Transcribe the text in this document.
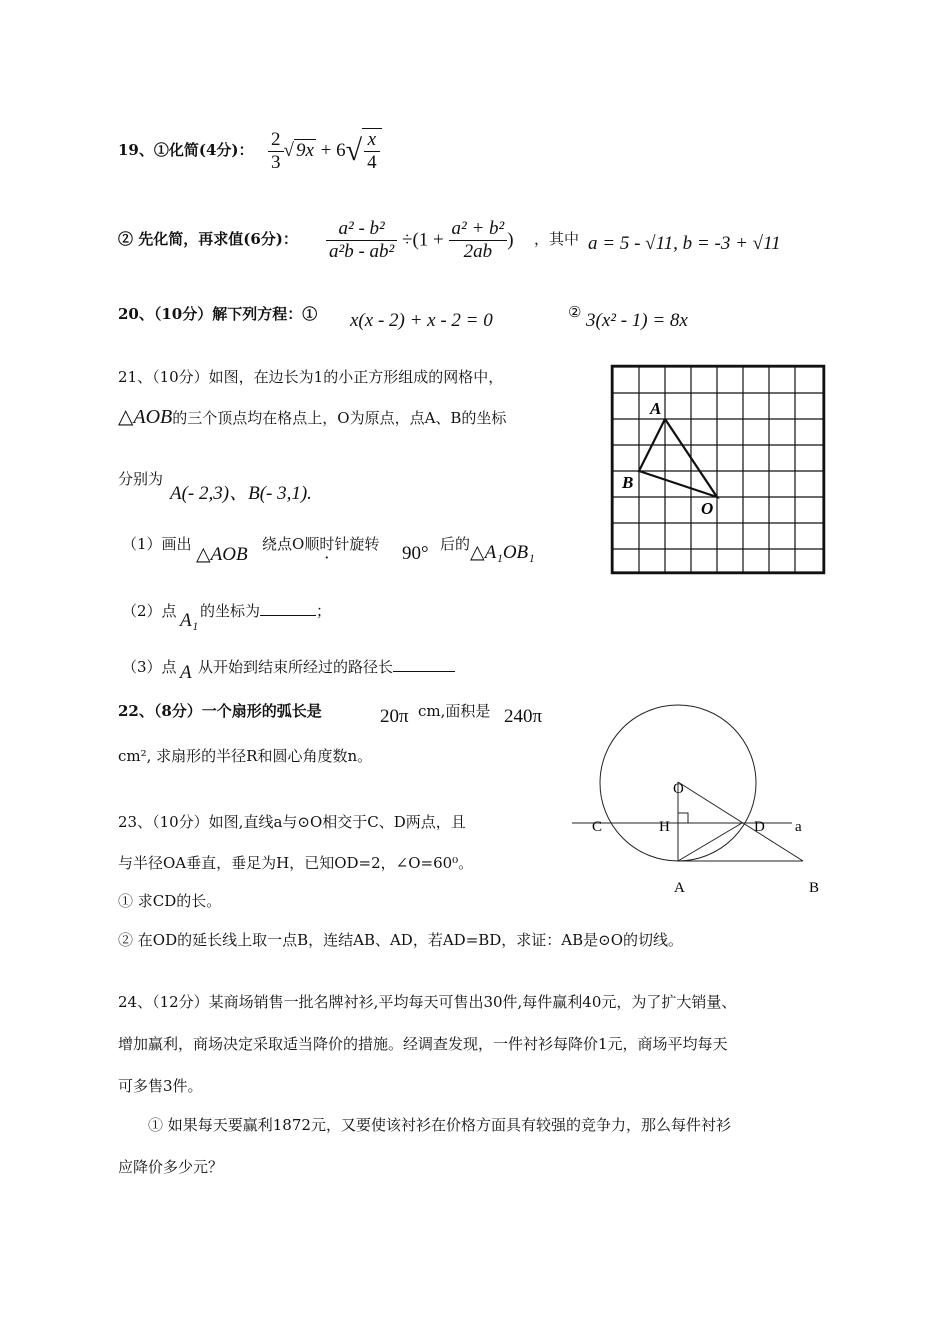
19、①化简(4分)： $\frac{2}{3}$ √ $9x + 6√ \frac{x}{4}$
② 先化简，再求值(6分)： $\frac{\text{a² - b²}}{\text{a²b - ab²}} \div(1 + \frac{\text{a² + b²}}{2ab}$ ) ，其中 a = 5 - √11, b = -3 + √11
20、（10分）解下列方程：① x(x - 2) + x - 2 = 0	② 3(x² - 1) = 8x
21、（10分）如图，在边长为1的小正方形组成的网格中，
△AOB的三个顶点均在格点上，O为原点，点A、B的坐标
分别为
A(- 2,3)、B(- 3,1).
（1）画出 △AOB 绕点O顺时针旋转 90° 后的 △A₁OB₁
（2）点 A₁ 的坐标为	；
（3）点 A 从开始到结束所经过的路径长
A
B
O
22、（8分）一个扇形的弧长是	20π cm,面积是 240π
cm², 求扇形的半径R和圆心角度数n。
23、（10分）如图,直线a与⊙O相交于C、D两点，且
与半径OA垂直，垂足为H，已知OD=2，∠O=60⁰。
① 求CD的长。
② 在OD的延长线上取一点B，连结AB、AD，若AD=BD，求证：AB是⊙O的切线。
O
C	H	D a
A	B
24、（12分）某商场销售一批名牌衬衫,平均每天可售出30件,每件赢利40元，为了扩大销量、
增加赢利，商场决定采取适当降价的措施。经调查发现，一件衬衫每降价1元，商场平均每天
可多售3件。
① 如果每天要赢利1872元，又要使该衬衫在价格方面具有较强的竞争力，那么每件衬衫
应降价多少元？
